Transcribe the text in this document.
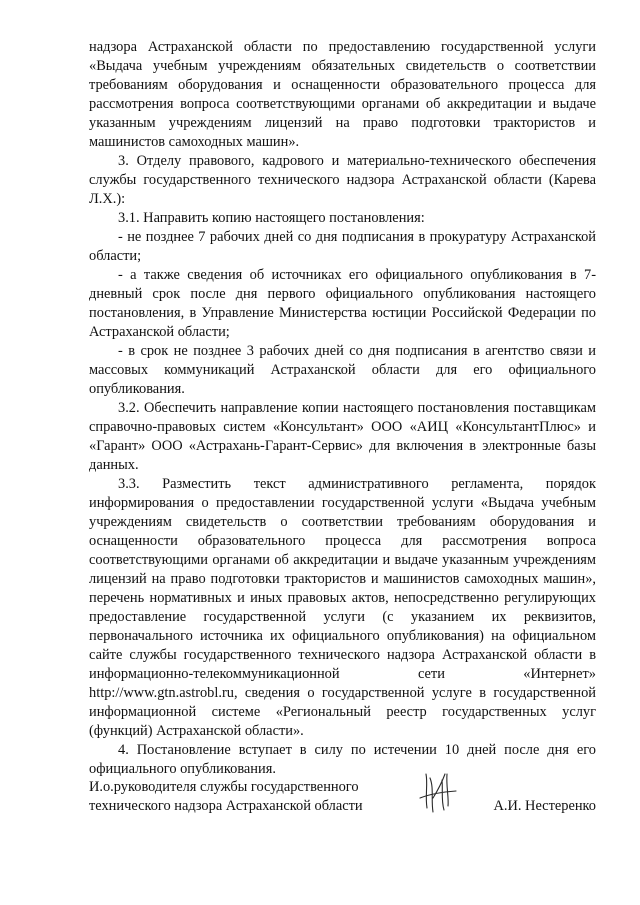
надзора Астраханской области по предоставлению государственной услуги «Выдача учебным учреждениям обязательных свидетельств о соответствии требованиям оборудования и оснащенности образовательного процесса для рассмотрения вопроса соответствующими органами об аккредитации и выдаче указанным учреждениям лицензий на право подготовки трактористов и машинистов самоходных машин».

3. Отделу правового, кадрового и материально-технического обеспечения службы государственного технического надзора Астраханской области (Карева Л.Х.):

3.1. Направить копию настоящего постановления:

- не позднее 7 рабочих дней со дня подписания в прокуратуру Астраханской области;

- а также сведения об источниках его официального опубликования в 7-дневный срок после дня первого официального опубликования настоящего постановления, в Управление Министерства юстиции Российской Федерации по Астраханской области;

- в срок не позднее 3 рабочих дней со дня подписания в агентство связи и массовых коммуникаций Астраханской области для его официального опубликования.

3.2. Обеспечить направление копии настоящего постановления поставщикам справочно-правовых систем «Консультант» ООО «АИЦ «КонсультантПлюс» и «Гарант» ООО «Астрахань-Гарант-Сервис» для включения в электронные базы данных.

3.3. Разместить текст административного регламента, порядок информирования о предоставлении государственной услуги «Выдача учебным учреждениям свидетельств о соответствии требованиям оборудования и оснащенности образовательного процесса для рассмотрения вопроса соответствующими органами об аккредитации и выдаче указанным учреждениям лицензий на право подготовки трактористов и машинистов самоходных машин», перечень нормативных и иных правовых актов, непосредственно регулирующих предоставление государственной услуги (с указанием их реквизитов, первоначального источника их официального опубликования) на официальном сайте службы государственного технического надзора Астраханской области в информационно-телекоммуникационной сети «Интернет» http://www.gtn.astrobl.ru, сведения о государственной услуге в государственной информационной системе «Региональный реестр государственных услуг (функций) Астраханской области».

4. Постановление вступает в силу по истечении 10 дней после дня его официального опубликования.

И.о.руководителя службы государственного
технического надзора Астраханской области	А.И. Нестеренко
